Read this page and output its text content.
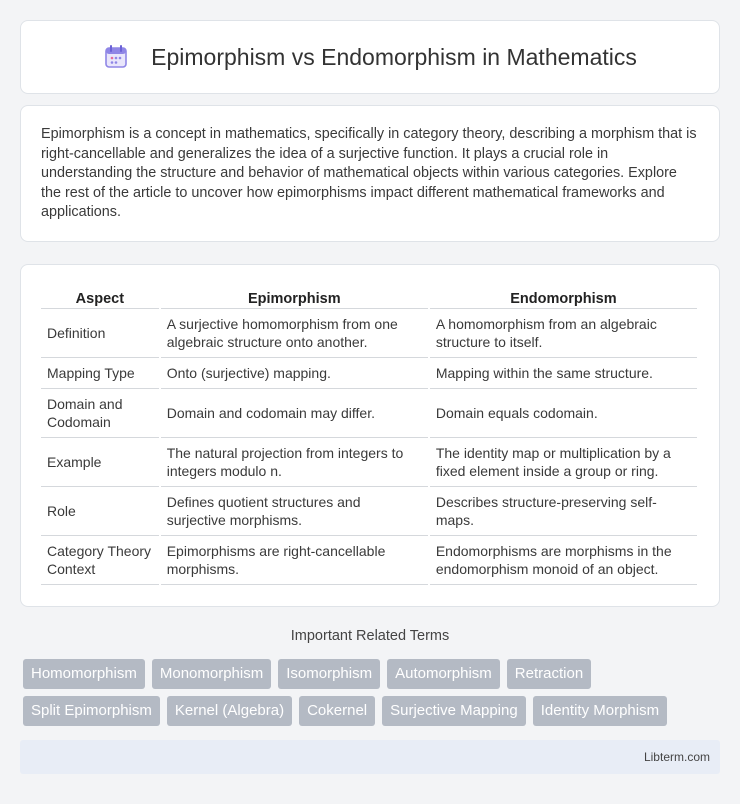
Epimorphism vs Endomorphism in Mathematics

Epimorphism is a concept in mathematics, specifically in category theory, describing a morphism that is right-cancellable and generalizes the idea of a surjective function. It plays a crucial role in understanding the structure and behavior of mathematical objects within various categories. Explore the rest of the article to uncover how epimorphisms impact different mathematical frameworks and applications.

Aspect	Epimorphism	Endomorphism
Definition	A surjective homomorphism from one algebraic structure onto another.	A homomorphism from an algebraic structure to itself.
Mapping Type	Onto (surjective) mapping.	Mapping within the same structure.
Domain and Codomain	Domain and codomain may differ.	Domain equals codomain.
Example	The natural projection from integers to integers modulo n.	The identity map or multiplication by a fixed element inside a group or ring.
Role	Defines quotient structures and surjective morphisms.	Describes structure-preserving self-maps.
Category Theory Context	Epimorphisms are right-cancellable morphisms.	Endomorphisms are morphisms in the endomorphism monoid of an object.
Important Related Terms
Homomorphism	Monomorphism	Isomorphism	Automorphism	Retraction
Split Epimorphism	Kernel (Algebra)	Cokernel	Surjective Mapping	Identity Morphism
Libterm.com
